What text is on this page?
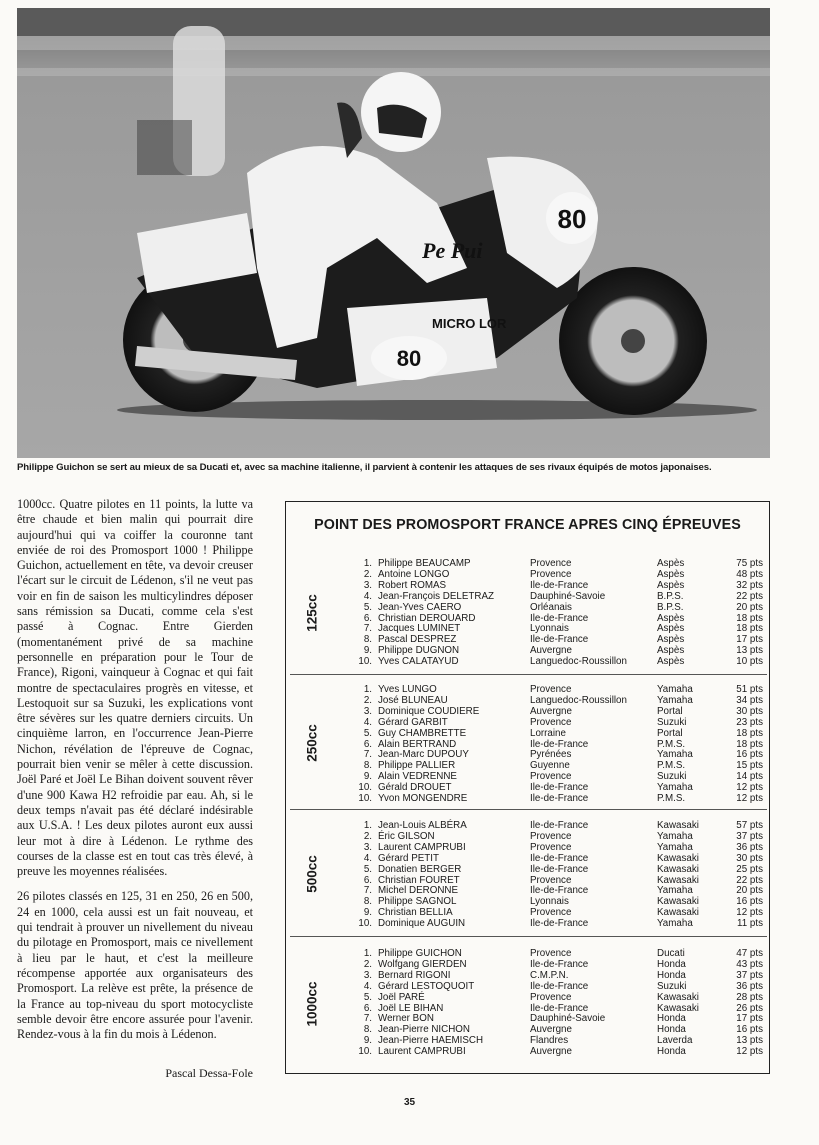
80
80
Pe Pui
MICRO LOR
Philippe Guichon se sert au mieux de sa Ducati et, avec sa machine italienne, il parvient à contenir les attaques de ses rivaux équipés de motos japonaises.

1000cc. Quatre pilotes en 11 points, la lutte va être chaude et bien malin qui pourrait dire aujourd'hui qui va coiffer la couronne tant enviée de roi des Promosport 1000 ! Philippe Guichon, actuellement en tête, va devoir creuser l'écart sur le circuit de Lédenon, s'il ne veut pas voir en fin de saison les multicylindres déposer sans rémission sa Ducati, comme cela s'est passé à Cognac. Entre Gierden (momentanément privé de sa machine personnelle en préparation pour le Tour de France), Rigoni, vainqueur à Cognac et qui fait montre de spectaculaires progrès en vitesse, et Lestoquoit sur sa Suzuki, les explications vont être sévères sur les quatre derniers circuits. Un cinquième larron, en l'occurrence Jean-Pierre Nichon, révélation de l'épreuve de Cognac, pourrait bien venir se mêler à cette discussion. Joël Paré et Joël Le Bihan doivent souvent rêver d'une 900 Kawa H2 refroidie par eau. Ah, si le deux temps n'avait pas été déclaré indésirable aux U.S.A. ! Les deux pilotes auront eux aussi leur mot à dire à Lédenon. Le rythme des courses de la classe est en tout cas très élevé, à preuve les moyennes réalisées.

26 pilotes classés en 125, 31 en 250, 26 en 500, 24 en 1000, cela aussi est un fait nouveau, et qui tendrait à prouver un nivellement du niveau du pilotage en Promosport, mais ce nivellement à lieu par le haut, et c'est la meilleure récompense apportée aux organisateurs des Promosport. La relève est prête, la présence de la France au top-niveau du sport motocycliste semble devoir être encore assurée pour l'avenir. Rendez-vous à la fin du mois à Lédenon.

Pascal Dessa-Fole
POINT DES PROMOSPORT FRANCE APRES CINQ ÉPREUVES
125cc
1. Philippe BEAUCAMP	Provence	Aspès	75 pts
2. Antoine LONGO	Provence	Aspès	48 pts
3. Robert ROMAS	Ile-de-France	Aspès	32 pts
4. Jean-François DELETRAZ	Dauphiné-Savoie	B.P.S.	22 pts
5. Jean-Yves CAERO	Orléanais	B.P.S.	20 pts
6. Christian DEROUARD	Ile-de-France	Aspès	18 pts
7. Jacques LUMINET	Lyonnais	Aspès	18 pts
8. Pascal DESPREZ	Ile-de-France	Aspès	17 pts
9. Philippe DUGNON	Auvergne	Aspès	13 pts
10. Yves CALATAYUD	Languedoc-Roussillon	Aspès	10 pts
250cc
1. Yves LUNGO	Provence	Yamaha	51 pts
2. José BLUNEAU	Languedoc-Roussillon	Yamaha	34 pts
3. Dominique COUDIERE	Auvergne	Portal	30 pts
4. Gérard GARBIT	Provence	Suzuki	23 pts
5. Guy CHAMBRETTE	Lorraine	Portal	18 pts
6. Alain BERTRAND	Ile-de-France	P.M.S.	18 pts
7. Jean-Marc DUPOUY	Pyrénées	Yamaha	16 pts
8. Philippe PALLIER	Guyenne	P.M.S.	15 pts
9. Alain VEDRENNE	Provence	Suzuki	14 pts
10. Gérald DROUET	Ile-de-France	Yamaha	12 pts
10. Yvon MONGENDRE	Ile-de-France	P.M.S.	12 pts
500cc
1. Jean-Louis ALBÉRA	Ile-de-France	Kawasaki	57 pts
2. Éric GILSON	Provence	Yamaha	37 pts
3. Laurent CAMPRUBI	Provence	Yamaha	36 pts
4. Gérard PETIT	Ile-de-France	Kawasaki	30 pts
5. Donatien BERGER	Ile-de-France	Kawasaki	25 pts
6. Christian FOURET	Provence	Kawasaki	22 pts
7. Michel DERONNE	Ile-de-France	Yamaha	20 pts
8. Philippe SAGNOL	Lyonnais	Kawasaki	16 pts
9. Christian BELLIA	Provence	Kawasaki	12 pts
10. Dominique AUGUIN	Ile-de-France	Yamaha	11 pts
1000cc
1. Philippe GUICHON	Provence	Ducati	47 pts
2. Wolfgang GIERDEN	Ile-de-France	Honda	43 pts
3. Bernard RIGONI	C.M.P.N.	Honda	37 pts
4. Gérard LESTOQUOIT	Ile-de-France	Suzuki	36 pts
5. Joël PARÉ	Provence	Kawasaki	28 pts
6. Joël LE BIHAN	Ile-de-France	Kawasaki	26 pts
7. Werner BON	Dauphiné-Savoie	Honda	17 pts
8. Jean-Pierre NICHON	Auvergne	Honda	16 pts
9. Jean-Pierre HAEMISCH	Flandres	Laverda	13 pts
10. Laurent CAMPRUBI	Auvergne	Honda	12 pts
35
